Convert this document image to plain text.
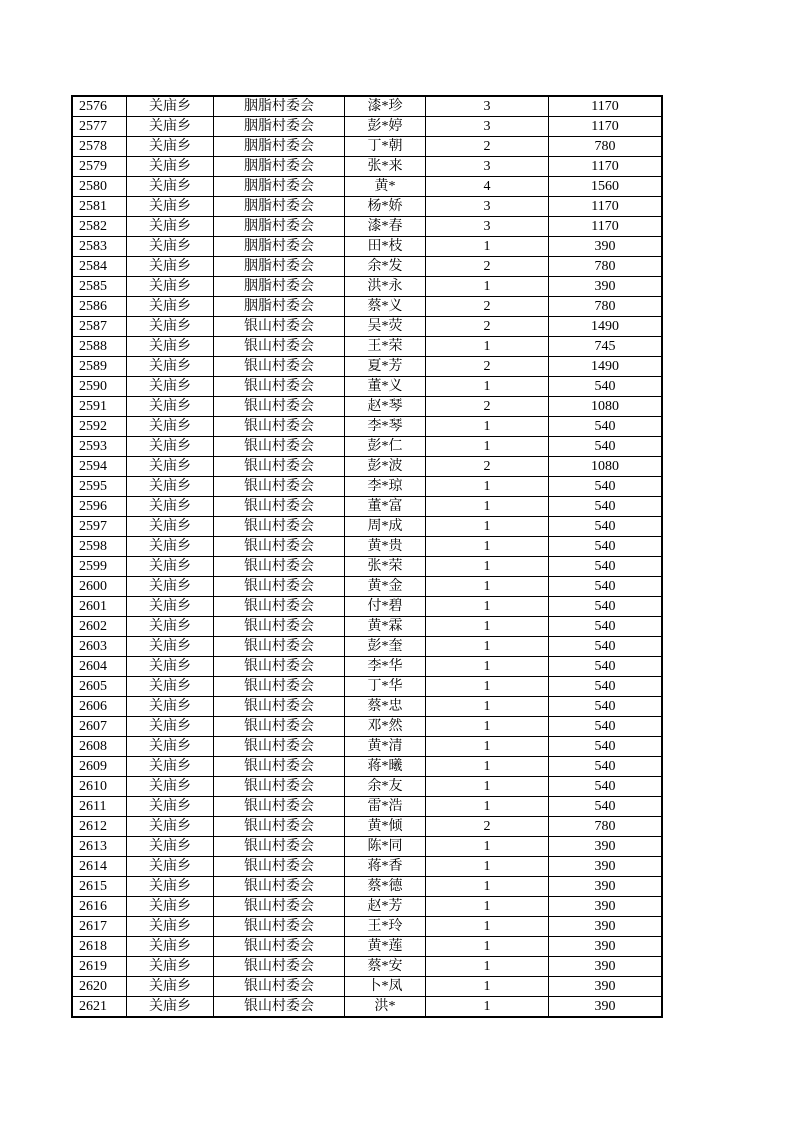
2576	关庙乡	胭脂村委会	漆*珍	3	1170
2577	关庙乡	胭脂村委会	彭*婷	3	1170
2578	关庙乡	胭脂村委会	丁*朝	2	780
2579	关庙乡	胭脂村委会	张*来	3	1170
2580	关庙乡	胭脂村委会	黄*	4	1560
2581	关庙乡	胭脂村委会	杨*娇	3	1170
2582	关庙乡	胭脂村委会	漆*春	3	1170
2583	关庙乡	胭脂村委会	田*枝	1	390
2584	关庙乡	胭脂村委会	余*发	2	780
2585	关庙乡	胭脂村委会	洪*永	1	390
2586	关庙乡	胭脂村委会	蔡*义	2	780
2587	关庙乡	银山村委会	吴*荧	2	1490
2588	关庙乡	银山村委会	王*荣	1	745
2589	关庙乡	银山村委会	夏*芳	2	1490
2590	关庙乡	银山村委会	董*义	1	540
2591	关庙乡	银山村委会	赵*琴	2	1080
2592	关庙乡	银山村委会	李*琴	1	540
2593	关庙乡	银山村委会	彭*仁	1	540
2594	关庙乡	银山村委会	彭*波	2	1080
2595	关庙乡	银山村委会	李*琼	1	540
2596	关庙乡	银山村委会	董*富	1	540
2597	关庙乡	银山村委会	周*成	1	540
2598	关庙乡	银山村委会	黄*贵	1	540
2599	关庙乡	银山村委会	张*荣	1	540
2600	关庙乡	银山村委会	黄*金	1	540
2601	关庙乡	银山村委会	付*碧	1	540
2602	关庙乡	银山村委会	黄*霖	1	540
2603	关庙乡	银山村委会	彭*奎	1	540
2604	关庙乡	银山村委会	李*华	1	540
2605	关庙乡	银山村委会	丁*华	1	540
2606	关庙乡	银山村委会	蔡*忠	1	540
2607	关庙乡	银山村委会	邓*然	1	540
2608	关庙乡	银山村委会	黄*清	1	540
2609	关庙乡	银山村委会	蒋*曦	1	540
2610	关庙乡	银山村委会	余*友	1	540
2611	关庙乡	银山村委会	雷*浩	1	540
2612	关庙乡	银山村委会	黄*倾	2	780
2613	关庙乡	银山村委会	陈*同	1	390
2614	关庙乡	银山村委会	蒋*香	1	390
2615	关庙乡	银山村委会	蔡*德	1	390
2616	关庙乡	银山村委会	赵*芳	1	390
2617	关庙乡	银山村委会	王*玲	1	390
2618	关庙乡	银山村委会	黄*莲	1	390
2619	关庙乡	银山村委会	蔡*安	1	390
2620	关庙乡	银山村委会	卜*凤	1	390
2621	关庙乡	银山村委会	洪*	1	390
